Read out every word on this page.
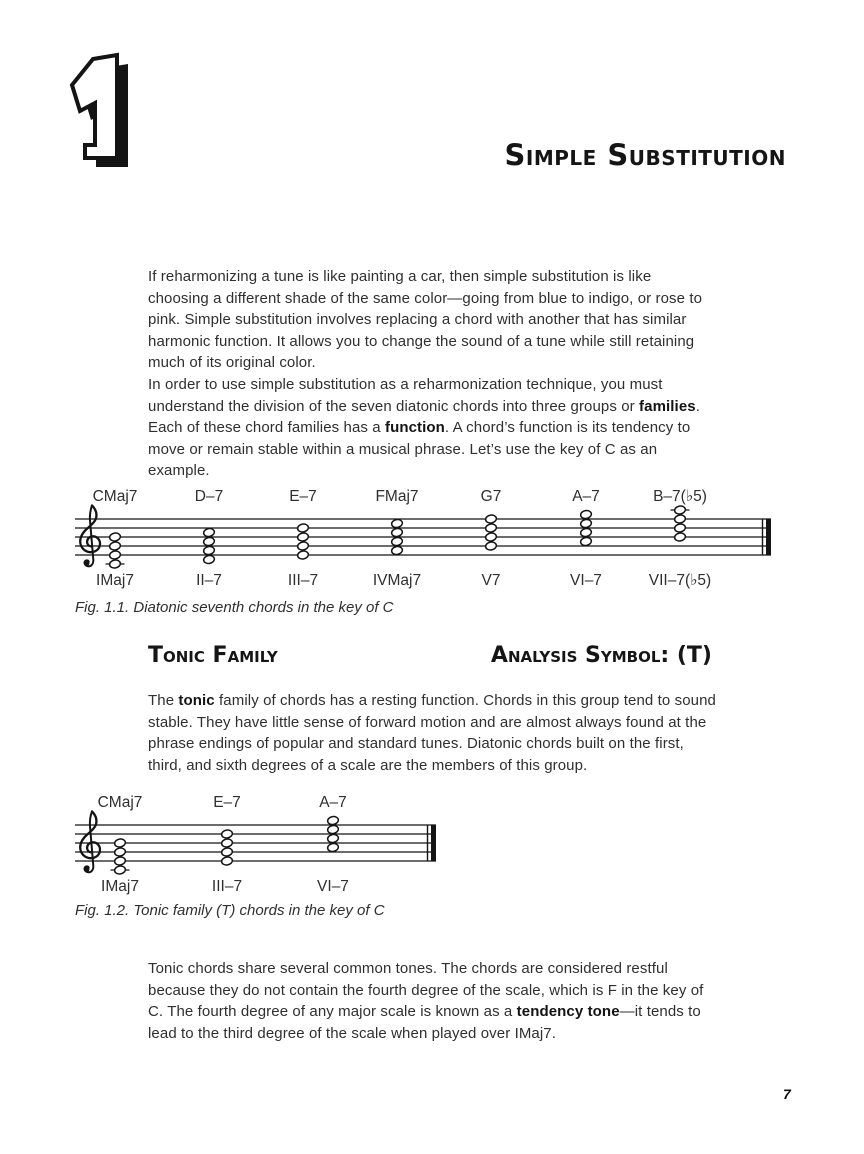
Simple Substitution

If reharmonizing a tune is like painting a car, then simple substitution is like choosing a different shade of the same color—going from blue to indigo, or rose to pink. Simple substitution involves replacing a chord with another that has similar harmonic function. It allows you to change the sound of a tune while still retaining much of its original color.

In order to use simple substitution as a reharmonization technique, you must understand the division of the seven diatonic chords into three groups or families. Each of these chord families has a function. A chord’s function is its tendency to move or remain stable within a musical phrase. Let’s use the key of C as an example.

CMaj7
IMaj7
D–7
II–7
E–7
III–7
FMaj7
IVMaj7
G7
V7
A–7
VI–7
B–7(♭5)
VII–7(♭5)
Fig. 1.1. Diatonic seventh chords in the key of C
Tonic Family	Analysis Symbol: (T)

The tonic family of chords has a resting function. Chords in this group tend to sound stable. They have little sense of forward motion and are almost always found at the phrase endings of popular and standard tunes. Diatonic chords built on the first, third, and sixth degrees of a scale are the members of this group.

CMaj7
IMaj7
E–7
III–7
A–7
VI–7
Fig. 1.2. Tonic family (T) chords in the key of C

Tonic chords share several common tones. The chords are considered restful because they do not contain the fourth degree of the scale, which is F in the key of C. The fourth degree of any major scale is known as a tendency tone—it tends to lead to the third degree of the scale when played over IMaj7.

7
